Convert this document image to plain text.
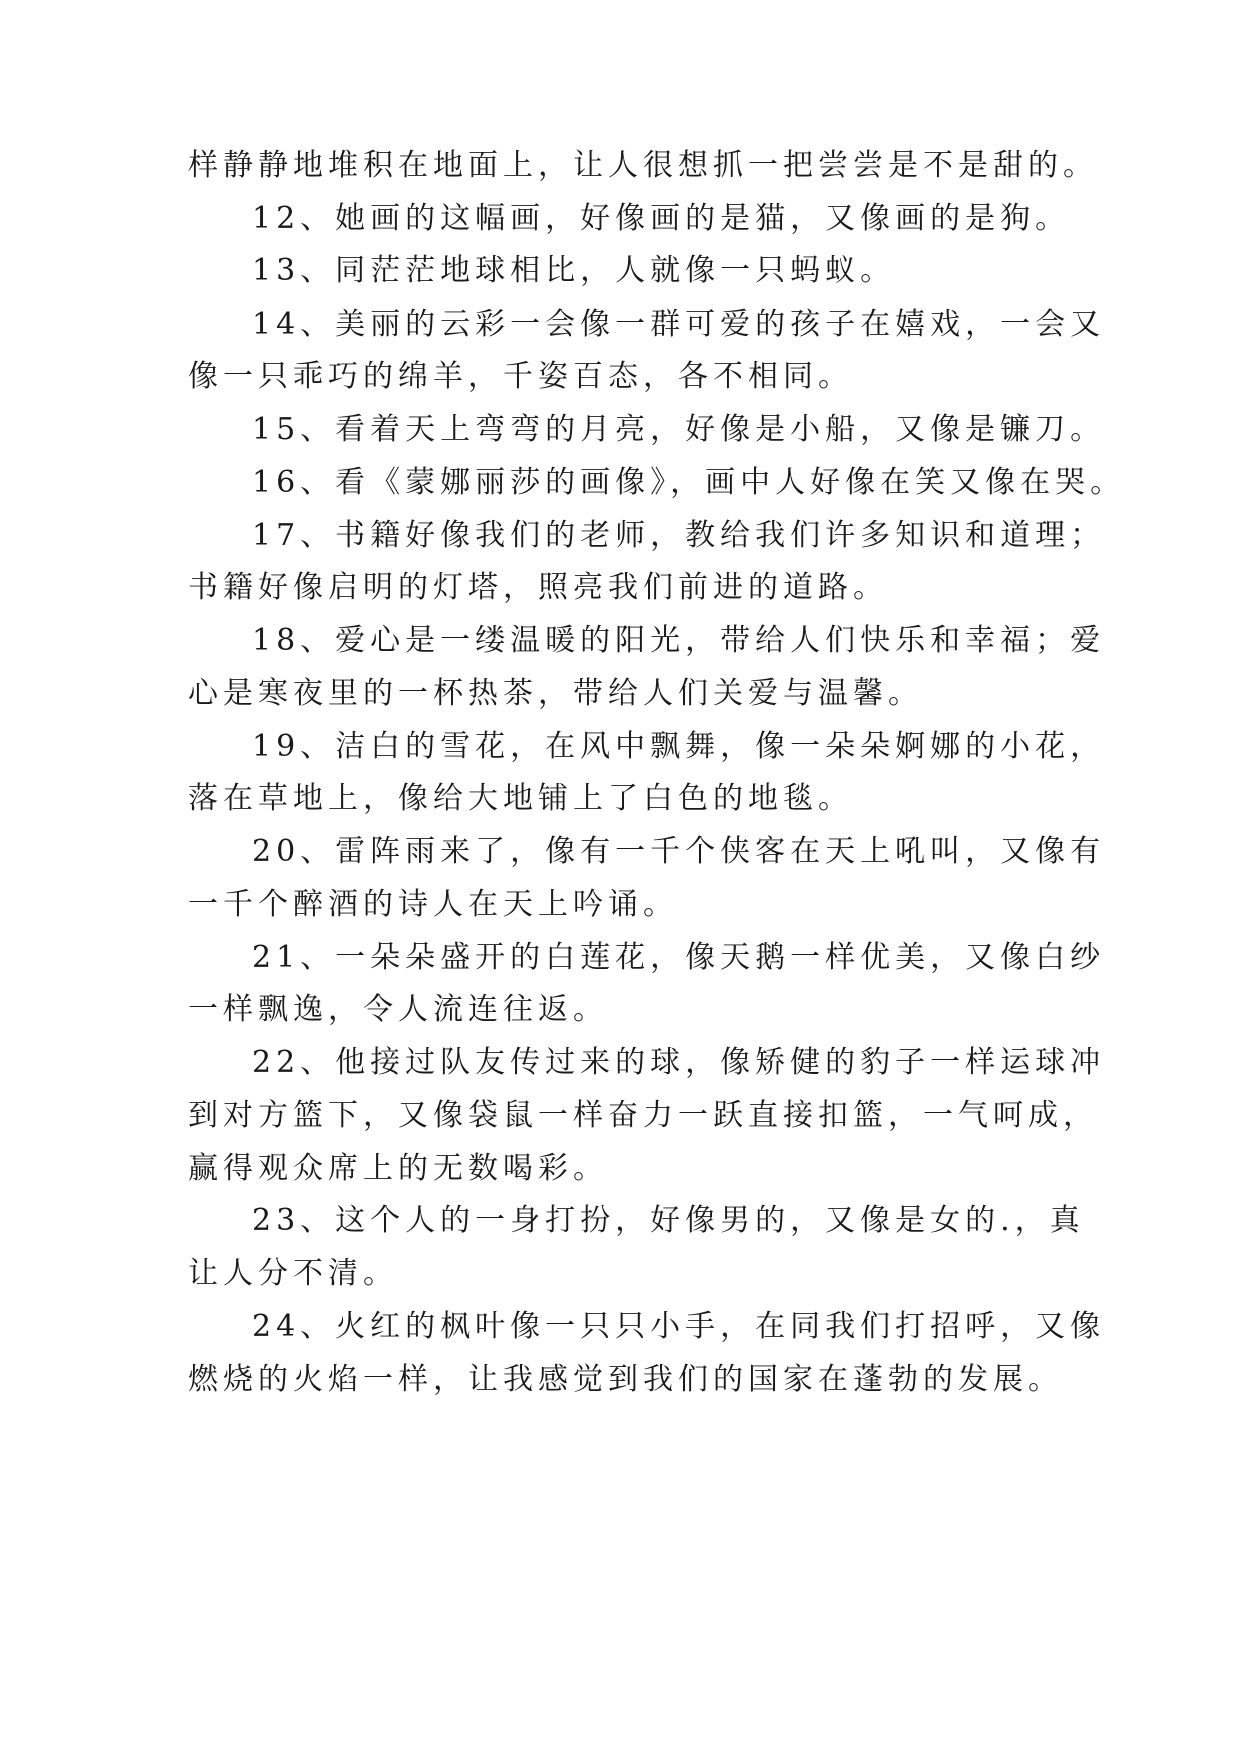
样静静地堆积在地面上，让人很想抓一把尝尝是不是甜的。
12、她画的这幅画，好像画的是猫，又像画的是狗。
13、同茫茫地球相比，人就像一只蚂蚁。
14、美丽的云彩一会像一群可爱的孩子在嬉戏，一会又
像一只乖巧的绵羊，千姿百态，各不相同。
15、看着天上弯弯的月亮，好像是小船，又像是镰刀。
16、看《蒙娜丽莎的画像》，画中人好像在笑又像在哭。
17、书籍好像我们的老师，教给我们许多知识和道理；
书籍好像启明的灯塔，照亮我们前进的道路。
18、爱心是一缕温暖的阳光，带给人们快乐和幸福；爱
心是寒夜里的一杯热茶，带给人们关爱与温馨。
19、洁白的雪花，在风中飘舞，像一朵朵婀娜的小花，
落在草地上，像给大地铺上了白色的地毯。
20、雷阵雨来了，像有一千个侠客在天上吼叫，又像有
一千个醉酒的诗人在天上吟诵。
21、一朵朵盛开的白莲花，像天鹅一样优美，又像白纱
一样飘逸，令人流连往返。
22、他接过队友传过来的球，像矫健的豹子一样运球冲
到对方篮下，又像袋鼠一样奋力一跃直接扣篮，一气呵成，
赢得观众席上的无数喝彩。
23、这个人的一身打扮，好像男的，又像是女的.，真
让人分不清。
24、火红的枫叶像一只只小手，在同我们打招呼，又像
燃烧的火焰一样，让我感觉到我们的国家在蓬勃的发展。
